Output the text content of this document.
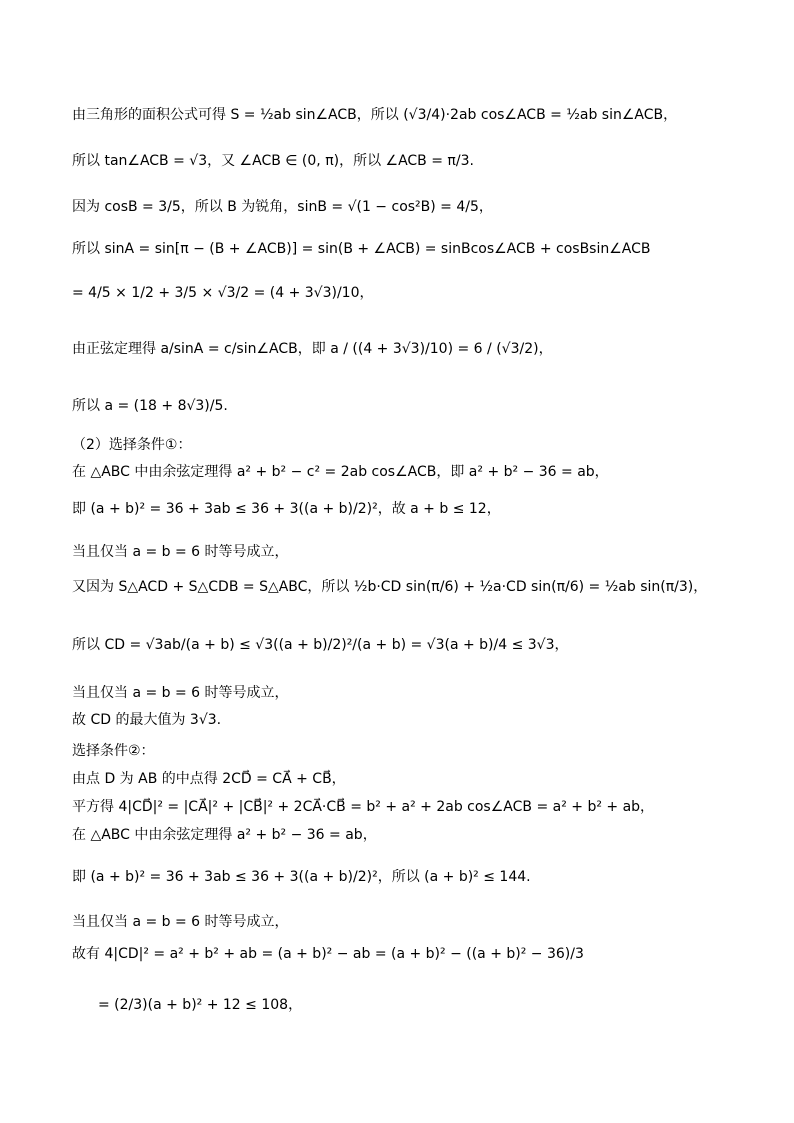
由三角形的面积公式可得 S = ½ab sin∠ACB，所以 (√3/4)·2ab cos∠ACB = ½ab sin∠ACB，
所以 tan∠ACB = √3，又 ∠ACB ∈ (0, π)，所以 ∠ACB = π/3.
因为 cosB = 3/5，所以 B 为锐角，sinB = √(1 − cos²B) = 4/5，
所以 sinA = sin[π − (B + ∠ACB)] = sin(B + ∠ACB) = sinBcos∠ACB + cosBsin∠ACB
= 4/5 × 1/2 + 3/5 × √3/2 = (4 + 3√3)/10，
由正弦定理得 a/sinA = c/sin∠ACB，即 a / ((4 + 3√3)/10) = 6 / (√3/2)，
所以 a = (18 + 8√3)/5.
（2）选择条件①：
在 △ABC 中由余弦定理得 a² + b² − c² = 2ab cos∠ACB，即 a² + b² − 36 = ab，
即 (a + b)² = 36 + 3ab ≤ 36 + 3((a + b)/2)²，故 a + b ≤ 12，
当且仅当 a = b = 6 时等号成立，
又因为 S△ACD + S△CDB = S△ABC，所以 ½b·CD sin(π/6) + ½a·CD sin(π/6) = ½ab sin(π/3)，
所以 CD = √3ab/(a + b) ≤ √3((a + b)/2)²/(a + b) = √3(a + b)/4 ≤ 3√3，
当且仅当 a = b = 6 时等号成立，
故 CD 的最大值为 3√3.
选择条件②：
由点 D 为 AB 的中点得 2CD⃗ = CA⃗ + CB⃗，
平方得 4|CD⃗|² = |CA⃗|² + |CB⃗|² + 2CA⃗·CB⃗ = b² + a² + 2ab cos∠ACB = a² + b² + ab，
在 △ABC 中由余弦定理得 a² + b² − 36 = ab，
即 (a + b)² = 36 + 3ab ≤ 36 + 3((a + b)/2)²，所以 (a + b)² ≤ 144.
当且仅当 a = b = 6 时等号成立，
故有 4|CD|² = a² + b² + ab = (a + b)² − ab = (a + b)² − ((a + b)² − 36)/3
= (2/3)(a + b)² + 12 ≤ 108，
